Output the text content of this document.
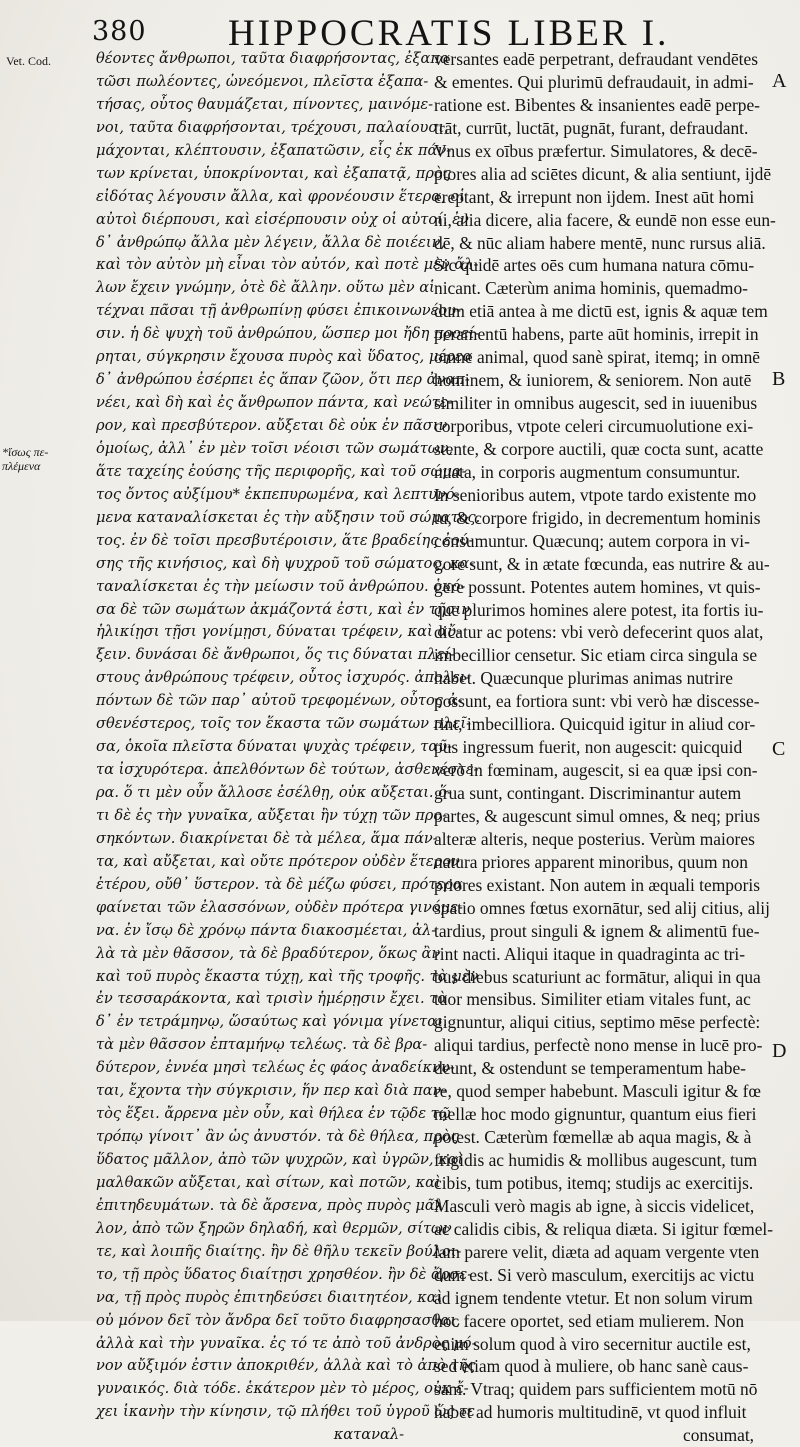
380 HIPPOCRATIS LIBER I.
Vet. Cod.
*ἴσως πε-
πλέμενα
θέοντες ἄνθρωποι, ταῦτα διαφρήσοντας, ἐξαπα
τῶσι πωλέοντες, ὠνεόμενοι, πλεῖστα ἐξαπα-
τήσας, οὗτος θαυμάζεται, πίνοντες, μαινόμε-
νοι, ταῦτα διαφρήσονται, τρέχουσι, παλαίουσι,
μάχονται, κλέπτουσιν, ἐξαπατῶσιν, εἷς ἐκ πάν-
των κρίνεται, ὑποκρίνονται, καὶ ἐξαπατᾷ, πρὸς
εἰδότας λέγουσιν ἄλλα, καὶ φρονέουσιν ἕτερα, οἱ
αὐτοὶ διέρπουσι, καὶ εἰσέρπουσιν οὐχ οἱ αὐτοί. ἐν
δ᾽ ἀνθρώπῳ ἄλλα μὲν λέγειν, ἄλλα δὲ ποιέειν,
καὶ τὸν αὐτὸν μὴ εἶναι τὸν αὐτόν, καὶ ποτὲ μὲν ἄλ-
λων ἔχειν γνώμην, ὁτὲ δὲ ἄλλην. οὕτω μὲν αἱ
τέχναι πᾶσαι τῇ ἀνθρωπίνῃ φύσει ἐπικοινωνέου-
σιν. ἡ δὲ ψυχὴ τοῦ ἀνθρώπου, ὥσπερ μοι ἤδη προεί-
ρηται, σύγκρησιν ἔχουσα πυρὸς καὶ ὕδατος, μέρεα
δ᾽ ἀνθρώπου ἐσέρπει ἐς ἅπαν ζῶον, ὅτι περ ἀναπ-
νέει, καὶ δὴ καὶ ἐς ἄνθρωπον πάντα, καὶ νεώτε-
ρον, καὶ πρεσβύτερον. αὔξεται δὲ οὐκ ἐν πᾶσιν
ὁμοίως, ἀλλ᾽ ἐν μὲν τοῖσι νέοισι τῶν σωμάτων,
ἅτε ταχείης ἐούσης τῆς περιφορῆς, καὶ τοῦ σώμα-
τος ὄντος αὐξίμου* ἐκπεπυρωμένα, καὶ λεπτυνό-
μενα καταναλίσκεται ἐς τὴν αὔξησιν τοῦ σώματος.
τος. ἐν δὲ τοῖσι πρεσβυτέροισιν, ἅτε βραδείης ἐού-
σης τῆς κινήσιος, καὶ δὴ ψυχροῦ τοῦ σώματος, κα-
ταναλίσκεται ἐς τὴν μείωσιν τοῦ ἀνθρώπου. ὁκό-
σα δὲ τῶν σωμάτων ἀκμάζοντά ἐστι, καὶ ἐν τῇσιν
ἡλικίῃσι τῇσι γονίμῃσι, δύναται τρέφειν, καὶ αὔ-
ξειν. δυνάσαι δὲ ἄνθρωποι, ὅς τις δύναται πλεί-
στους ἀνθρώπους τρέφειν, οὗτος ἰσχυρός. ἀπολει-
πόντων δὲ τῶν παρ᾽ αὐτοῦ τρεφομένων, οὗτος ἀ-
σθενέστερος, τοῖς τον ἕκαστα τῶν σωμάτων πλεῖ-
σα, ὁκοῖα πλεῖστα δύναται ψυχὰς τρέφειν, ταῦ-
τα ἰσχυρότερα. ἀπελθόντων δὲ τούτων, ἀσθενέστε-
ρα. ὅ τι μὲν οὖν ἄλλοσε ἐσέλθῃ, οὐκ αὔξεται. ὅ-
τι δὲ ἐς τὴν γυναῖκα, αὔξεται ἢν τύχῃ τῶν προ-
σηκόντων. διακρίνεται δὲ τὰ μέλεα, ἅμα πάν-
τα, καὶ αὔξεται, καὶ οὔτε πρότερον οὐδὲν ἕτερον
ἑτέρου, οὔθ᾽ ὕστερον. τὰ δὲ μέζω φύσει, πρότερα
φαίνεται τῶν ἐλασσόνων, οὐδὲν πρότερα γινόμε-
να. ἐν ἴσῳ δὲ χρόνῳ πάντα διακοσμέεται, ἀλ-
λὰ τὰ μὲν θᾶσσον, τὰ δὲ βραδύτερον, ὅκως ἂν
καὶ τοῦ πυρὸς ἕκαστα τύχῃ, καὶ τῆς τροφῆς. τὰ μὲν
ἐν τεσσαράκοντα, καὶ τρισὶν ἡμέρῃσιν ἔχει. τὰ
δ᾽ ἐν τετράμηνῳ, ὥσαύτως καὶ γόνιμα γίνεται.
τὰ μὲν θᾶσσον ἐπταμήνῳ τελέως. τὰ δὲ βρα-
δύτερον, ἐννέα μησὶ τελέως ἐς φάος ἀναδείκνυ-
ται, ἔχοντα τὴν σύγκρισιν, ἥν περ καὶ διὰ παν-
τὸς ἕξει. ἄρρενα μὲν οὖν, καὶ θήλεα ἐν τῷδε τῷ
τρόπῳ γίνοιτ᾽ ἂν ὡς ἀνυστόν. τὰ δὲ θήλεα, πρὸς
ὕδατος μᾶλλον, ἀπὸ τῶν ψυχρῶν, καὶ ὑγρῶν, καὶ
μαλθακῶν αὔξεται, καὶ σίτων, καὶ ποτῶν, καὶ
ἐπιτηδευμάτων. τὰ δὲ ἄρσενα, πρὸς πυρὸς μᾶλ
λον, ἀπὸ τῶν ξηρῶν δηλαδή, καὶ θερμῶν, σίτων
τε, καὶ λοιπῆς διαίτης. ἢν δὲ θῆλυ τεκεῖν βούλοι-
το, τῇ πρὸς ὕδατος διαίτῃσι χρησθέον. ἢν δὲ ἄρσε-
να, τῇ πρὸς πυρὸς ἐπιτηδεύσει διαιτητέον, καὶ
οὐ μόνον δεῖ τὸν ἄνδρα δεῖ τοῦτο διαφρησασθαι,
ἀλλὰ καὶ τὴν γυναῖκα. ἐς τό τε ἀπὸ τοῦ ἀνδρὸς μό-
νον αὔξιμόν ἐστιν ἀποκριθέν, ἀλλὰ καὶ τὸ ἀπὸ τῆς
γυναικός. διὰ τόδε. ἑκάτερον μὲν τὸ μέρος, οὐκ ἔ-
χει ἱκανὴν τὴν κίνησιν, τῷ πλήθει τοῦ ὑγροῦ ὥς τε
καταναλ-
versantes eadē perpetrant, defraudant vendētes
& ementes. Qui plurimū defraudauit, in admi-
ratione est. Bibentes & insanientes eadē perpe-
trāt, currūt, luctāt, pugnāt, furant, defraudant.
Vnus ex oībus præfertur. Simulatores, & decē-
ptores alia ad sciētes dicunt, & alia sentiunt, ijdē
ereptant, & irrepunt non ijdem. Inest aūt homi
ni, alia dicere, alia facere, & eundē non esse eun-
dē, & nūc aliam habere mentē, nunc rursus aliā.
Sic quidē artes oēs cum humana natura cōmu-
nicant. Cæterùm anima hominis, quemadmo-
dum etiā antea à me dictū est, ignis & aquæ tem
peramentū habens, parte aūt hominis, irrepit in
omne animal, quod sanè spirat, itemq; in omnē
hominem, & iuniorem, & seniorem. Non autē
similiter in omnibus augescit, sed in iuuenibus
corporibus, vtpote celeri circumuolutione exi-
stente, & corpore auctili, quæ cocta sunt, acatte
nuata, in corporis augmentum consumuntur.
In senioribus autem, vtpote tardo existente mo
tu, & corpore frigido, in decrementum hominis
consumuntur. Quæcunq; autem corpora in vi-
gore sunt, & in ætate fœcunda, eas nutrire & au-
gere possunt. Potentes autem homines, vt quis-
que plurimos homines alere potest, ita fortis iu-
dicatur ac potens: vbi verò defecerint quos alat,
imbecillior censetur. Sic etiam circa singula se
habet. Quæcunque plurimas animas nutrire
possunt, ea fortiora sunt: vbi verò hæ discesse-
rint, imbecilliora. Quicquid igitur in aliud cor-
pus ingressum fuerit, non augescit: quicquid
verò in fœminam, augescit, si ea quæ ipsi con-
grua sunt, contingant. Discriminantur autem
partes, & augescunt simul omnes, & neq; prius
alteræ alteris, neque posterius. Verùm maiores
natura priores apparent minoribus, quum non
priores existant. Non autem in æquali temporis
spatio omnes fœtus exornātur, sed alij citius, alij
tardius, prout singuli & ignem & alimentū fue-
rint nacti. Aliqui itaque in quadraginta ac tri-
bus diebus scaturiunt ac formātur, aliqui in qua
tuor mensibus. Similiter etiam vitales funt, ac
gignuntur, aliqui citius, septimo mēse perfectè:
aliqui tardius, perfectè nono mense in lucē pro-
deunt, & ostendunt se temperamentum habe-
re, quod semper habebunt. Masculi igitur & fœ
mellæ hoc modo gignuntur, quantum eius fieri
potest. Cæterùm fœmellæ ab aqua magis, & à
frigidis ac humidis & mollibus augescunt, tum
cibis, tum potibus, itemq; studijs ac exercitijs.
Masculi verò magis ab igne, à siccis videlicet,
ac calidis cibis, & reliqua diæta. Si igitur fœmel-
lam parere velit, diæta ad aquam vergente vten
dum est. Si verò masculum, exercitijs ac victu
ad ignem tendente vtetur. Et non solum virum
hoc facere oportet, sed etiam mulierem. Non
enim solum quod à viro secernitur auctile est,
sed etiam quod à muliere, ob hanc sanè caus-
sam. Vtraq; quidem pars sufficientem motū nō
habet ad humoris multitudinē, vt quod influit
consumat,
A
B
C
D
